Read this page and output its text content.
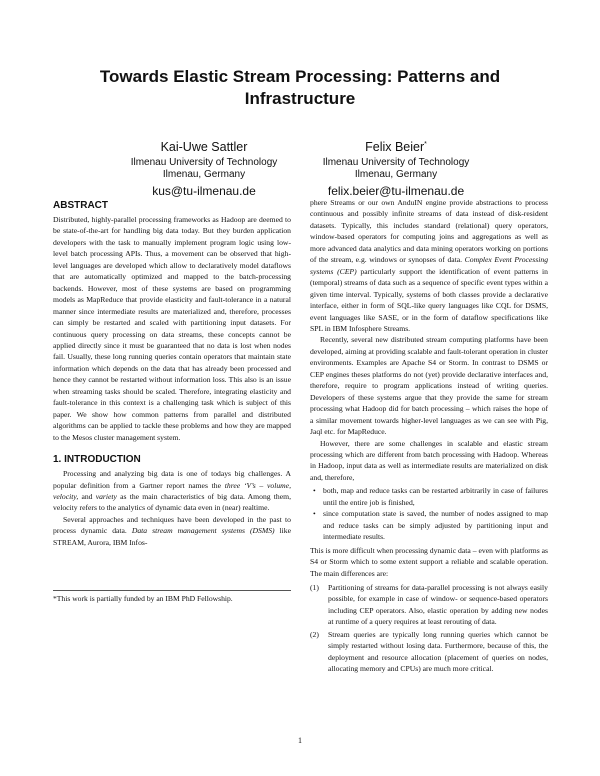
Towards Elastic Stream Processing: Patterns and Infrastructure
Kai-Uwe Sattler
Ilmenau University of Technology
Ilmenau, Germany
kus@tu-ilmenau.de
Felix Beier*
Ilmenau University of Technology
Ilmenau, Germany
felix.beier@tu-ilmenau.de
ABSTRACT

Distributed, highly-parallel processing frameworks as Hadoop are deemed to be state-of-the-art for handling big data today. But they burden application developers with the task to manually implement program logic using low-level batch processing APIs. Thus, a movement can be observed that high-level languages are developed which allow to declaratively model dataflows that are automatically optimized and mapped to the batch-processing backends. However, most of these systems are based on programming models as MapReduce that provide elasticity and fault-tolerance in a natural manner since intermediate results are materialized and, therefore, processes can simply be restarted and scaled with partitioning input datasets. For continuous query processing on data streams, these concepts cannot be applied directly since it must be guaranteed that no data is lost when nodes fail. Usually, these long running queries contain operators that maintain state information which depends on the data that has already been processed and hence they cannot be restarted without information loss. This also is an issue when streaming tasks should be scaled. Therefore, integrating elasticity and fault-tolerance in this context is a challenging task which is subject of this paper. We show how common patterns from parallel and distributed algorithms can be applied to tackle these problems and how they are mapped to the Mesos cluster management system.

1. INTRODUCTION

Processing and analyzing big data is one of todays big challenges. A popular definition from a Gartner report names the three ‘V’s – volume, velocity, and variety as the main characteristics of big data. Among them, velocity refers to the analytics of dynamic data even in (near) realtime.

Several approaches and techniques have been developed in the past to process dynamic data. Data stream management systems (DSMS) like STREAM, Aurora, IBM Infos-

*This work is partially funded by an IBM PhD Fellowship.

phere Streams or our own AnduIN engine provide abstractions to process continuous and possibly infinite streams of data instead of disk-resident datasets. Typically, this includes standard (relational) query operators, window-based operators for computing joins and aggregations as well as more advanced data analytics and data mining operators working on portions of the stream, e.g. windows or synopses of data. Complex Event Processing systems (CEP) particularly support the identification of event patterns in (temporal) streams of data such as a sequence of specific event types within a given time interval. Typically, systems of both classes provide a declarative interface, either in form of SQL-like query languages like CQL for DSMS, event languages like SASE, or in the form of dataflow specifications like SPL in IBM Infosphere Streams.

Recently, several new distributed stream computing platforms have been developed, aiming at providing scalable and fault-tolerant operation in cluster environments. Examples are Apache S4 or Storm. In contrast to DSMS or CEP engines theses platforms do not (yet) provide declarative interfaces and, therefore, require to program applications instead of writing queries. Developers of these systems argue that they provide the same for stream processing what Hadoop did for batch processing – which raises the hope of a similar movement towards higher-level languages as we can see with Pig, Jaql etc. for MapReduce.

However, there are some challenges in scalable and elastic stream processing which are different from batch processing with Hadoop. Whereas in Hadoop, input data as well as intermediate results are materialized on disk and, therefore,

• both, map and reduce tasks can be restarted arbitrarily in case of failures until the entire job is finished,
• since computation state is saved, the number of nodes assigned to map and reduce tasks can be simply adjusted by partitioning input and intermediate results.

This is more difficult when processing dynamic data – even with platforms as S4 or Storm which to some extent support a reliable and scalable operation. The main differences are:

(1) Partitioning of streams for data-parallel processing is not always easily possible, for example in case of window- or sequence-based operators including CEP operators. Also, elastic operation by adding new nodes at runtime of a query requires at least rerouting of data.
(2) Stream queries are typically long running queries which cannot be simply restarted without losing data. Furthermore, because of this, the deployment and resource allocation (placement of queries on nodes, allocating memory and CPUs) are much more critical.
1
